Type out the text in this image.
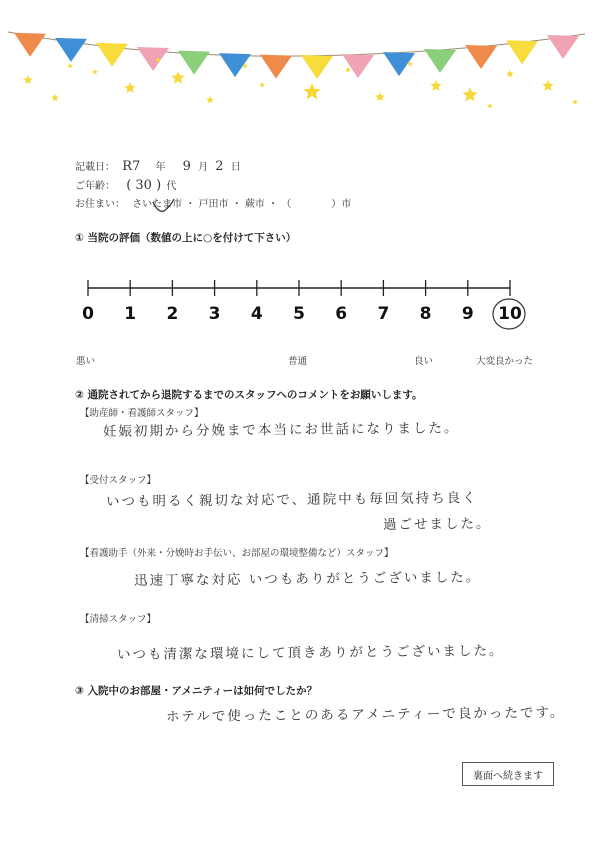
記載日： R7 年 9 月 2 日
ご年齢： ( 30 ) 代
お住まい： さいたま市 ・ 戸田市 ・ 蕨市 ・ （　　　　）市
① 当院の評価（数値の上に○を付けて下さい）
0	1	2	3	4	5	6	7	8	9	10
悪い	普通	良い	大変良かった
② 通院されてから退院するまでのスタッフへのコメントをお願いします。
【助産師・看護師スタッフ】
妊娠初期から分娩まで本当にお世話になりました。
【受付スタッフ】
いつも明るく親切な対応で、通院中も毎回気持ち良く
過ごせました。
【看護助手（外来・分娩時お手伝い、お部屋の環境整備など）スタッフ】
迅速丁寧な対応 いつもありがとうございました。
【清掃スタッフ】
いつも清潔な環境にして頂きありがとうございました。
③ 入院中のお部屋・アメニティーは如何でしたか？
ホテルで使ったことのあるアメニティーで良かったです。
裏面へ続きます
